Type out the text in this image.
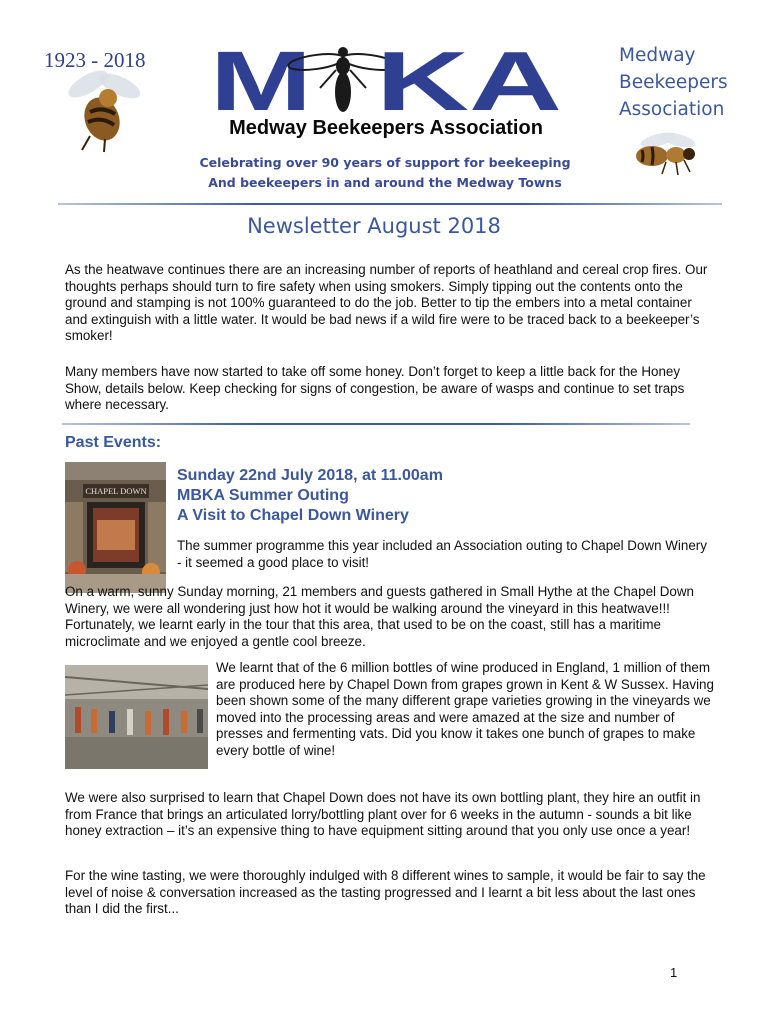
1923 - 2018 M KA
Medway Beekeepers Association
Celebrating over 90 years of support for beekeeping
And beekeepers in and around the Medway Towns
Medway
Beekeepers
Association
Newsletter August 2018

As the heatwave continues there are an increasing number of reports of heathland and cereal crop fires. Our thoughts perhaps should turn to fire safety when using smokers. Simply tipping out the contents onto the ground and stamping is not 100% guaranteed to do the job. Better to tip the embers into a metal container and extinguish with a little water. It would be bad news if a wild fire were to be traced back to a beekeeper’s smoker!

Many members have now started to take off some honey. Don’t forget to keep a little back for the Honey Show, details below. Keep checking for signs of congestion, be aware of wasps and continue to set traps where necessary.

Past Events:
CHAPEL DOWN
Sunday 22nd July 2018, at 11.00am
MBKA Summer Outing
A Visit to Chapel Down Winery

The summer programme this year included an Association outing to Chapel Down Winery - it seemed a good place to visit!

On a warm, sunny Sunday morning, 21 members and guests gathered in Small Hythe at the Chapel Down Winery, we were all wondering just how hot it would be walking around the vineyard in this heatwave!!! Fortunately, we learnt early in the tour that this area, that used to be on the coast, still has a maritime microclimate and we enjoyed a gentle cool breeze.

We learnt that of the 6 million bottles of wine produced in England, 1 million of them are produced here by Chapel Down from grapes grown in Kent & W Sussex. Having been shown some of the many different grape varieties growing in the vineyards we moved into the processing areas and were amazed at the size and number of presses and fermenting vats. Did you know it takes one bunch of grapes to make every bottle of wine!

We were also surprised to learn that Chapel Down does not have its own bottling plant, they hire an outfit in from France that brings an articulated lorry/bottling plant over for 6 weeks in the autumn - sounds a bit like honey extraction – it’s an expensive thing to have equipment sitting around that you only use once a year!

For the wine tasting, we were thoroughly indulged with 8 different wines to sample, it would be fair to say the level of noise & conversation increased as the tasting progressed and I learnt a bit less about the last ones than I did the first...

1
